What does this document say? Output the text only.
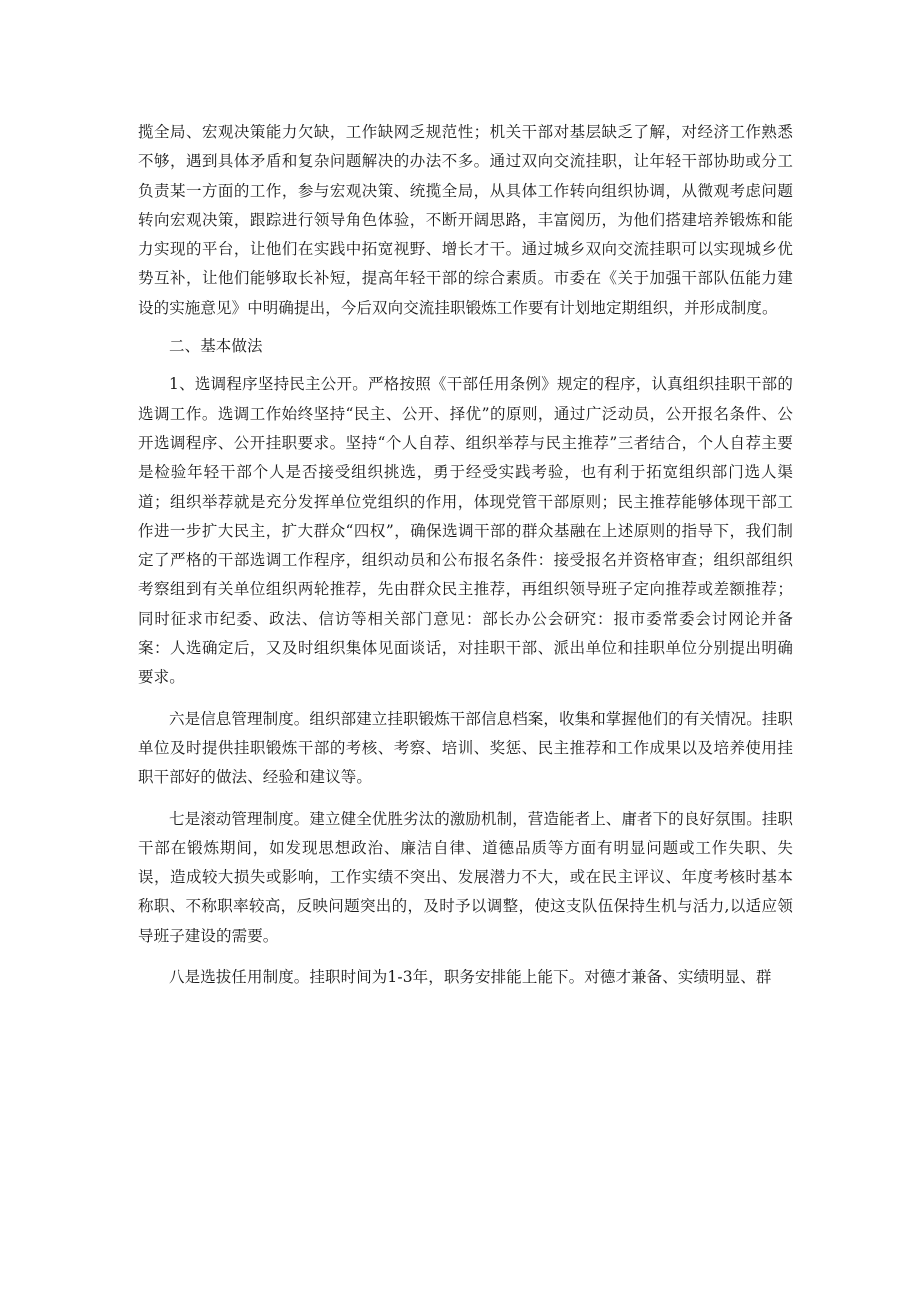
揽全局、宏观决策能力欠缺，工作缺网乏规范性；机关干部对基层缺乏了解，对经济工作熟悉不够，遇到具体矛盾和复杂问题解决的办法不多。通过双向交流挂职，让年轻干部协助或分工负责某一方面的工作，参与宏观决策、统揽全局，从具体工作转向组织协调，从微观考虑问题转向宏观决策，跟踪进行领导角色体验，不断开阔思路，丰富阅历，为他们搭建培养锻炼和能力实现的平台，让他们在实践中拓宽视野、增长才干。通过城乡双向交流挂职可以实现城乡优势互补，让他们能够取长补短，提高年轻干部的综合素质。市委在《关于加强干部队伍能力建设的实施意见》中明确提出，今后双向交流挂职锻炼工作要有计划地定期组织，并形成制度。

二、基本做法

1、选调程序坚持民主公开。严格按照《干部任用条例》规定的程序，认真组织挂职干部的选调工作。选调工作始终坚持“民主、公开、择优”的原则，通过广泛动员，公开报名条件、公开选调程序、公开挂职要求。坚持“个人自荐、组织举荐与民主推荐”三者结合，个人自荐主要是检验年轻干部个人是否接受组织挑选，勇于经受实践考验，也有利于拓宽组织部门选人渠道；组织举荐就是充分发挥单位党组织的作用，体现党管干部原则；民主推荐能够体现干部工作进一步扩大民主，扩大群众“四权”，确保选调干部的群众基融在上述原则的指导下，我们制定了严格的干部选调工作程序，组织动员和公布报名条件：接受报名并资格审查；组织部组织考察组到有关单位组织两轮推荐，先由群众民主推荐，再组织领导班子定向推荐或差额推荐；同时征求市纪委、政法、信访等相关部门意见：部长办公会研究：报市委常委会讨网论并备案：人选确定后，又及时组织集体见面谈话，对挂职干部、派出单位和挂职单位分别提出明确要求。

六是信息管理制度。组织部建立挂职锻炼干部信息档案，收集和掌握他们的有关情况。挂职单位及时提供挂职锻炼干部的考核、考察、培训、奖惩、民主推荐和工作成果以及培养使用挂职干部好的做法、经验和建议等。

七是滚动管理制度。建立健全优胜劣汰的激励机制，营造能者上、庸者下的良好氛围。挂职干部在锻炼期间，如发现思想政治、廉洁自律、道德品质等方面有明显问题或工作失职、失误，造成较大损失或影响，工作实绩不突出、发展潜力不大，或在民主评议、年度考核时基本称职、不称职率较高，反映问题突出的，及时予以调整，使这支队伍保持生机与活力,以适应领导班子建设的需要。

八是选拔任用制度。挂职时间为1-3年，职务安排能上能下。对德才兼备、实绩明显、群
